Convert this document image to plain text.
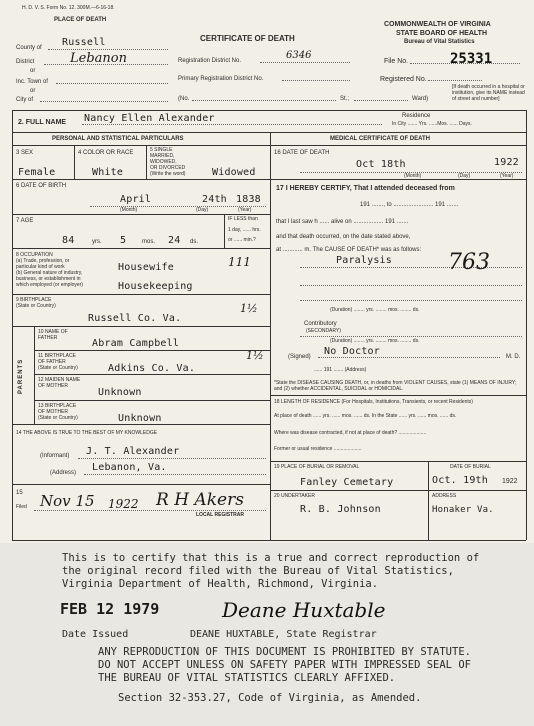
H. D. V. S. Form No. 12. 300M.—6-16-18.
PLACE OF DEATH
County of Russell
District	Lebanon
or
Inc. Town of
or
City of
CERTIFICATE OF DEATH
Registration District No.	6346
Primary Registration District No.
COMMONWEALTH OF VIRGINIA
STATE BOARD OF HEALTH
Bureau of Vital Statistics
File No.	25331
Registered No.
(No.	St.;	Ward)
[If death occurred in a hospital or institution, give its NAME instead of street and number]
2. FULL NAME Nancy Ellen Alexander	Residence
In City ....... Yrs. ......Mos. ...... Days.
PERSONAL AND STATISTICAL PARTICULARS	MEDICAL CERTIFICATE OF DEATH
3 SEX
Female
4 COLOR OR RACE
White
5 SINGLE
MARRIED,
WIDOWED,
OR DIVORCED
(Write the word)	Widowed
6 DATE OF BIRTH
April	24th 1838
(Month)	(Day)	(Year)
7 AGE
84	yrs. 5	mos. 24 ds.
IF LESS than
1 day, ...... hrs.
or ...... min.?
8 OCCUPATION
(a) Trade, profession, or
particular kind of work
(b) General nature of industry,
business, or establishment in
which employed (or employer)
Housewife	111
Housekeeping
9 BIRTHPLACE
(State or Country)
Russell Co. Va.
1½
PARENTS
10 NAME OF
FATHER	Abram Campbell
11 BIRTHPLACE
OF FATHER
(State or Country)	Adkins Co. Va.
1½
12 MAIDEN NAME
OF MOTHER
Unknown
13 BIRTHPLACE
OF MOTHER
(State or Country)	Unknown
14 THE ABOVE IS TRUE TO THE BEST OF MY KNOWLEDGE
(Informant) J. T. Alexander
(Address) Lebanon, Va.
15
Filed Nov 15 1922 R H Akers
LOCAL REGISTRAR
16 DATE OF DEATH
Oct 18th	1922
(Month)	(Day)	(Year)
17 I HEREBY CERTIFY, That I attended deceased from
191 ......., to ........................ 191 .......
that I last saw h ...... alive on .................. 191 .......
and that death occurred, on the date stated above,
at ............ m. The CAUSE OF DEATH* was as follows:
Paralysis	763
(Duration) ........ yrs. ........ mos. ........ ds.
Contributory
(SECONDARY)
(Duration) ........ yrs. ........ mos. ........ ds.
(Signed) No Doctor	M. D.
...... 191 ....... (Address)
*State the DISEASE CAUSING DEATH, or, in deaths from VIOLENT CAUSES, state (1) MEANS OF INJURY; and (2) whether ACCIDENTAL, SUICIDAL or HOMICIDAL.
18 LENGTH OF RESIDENCE (For Hospitals, Institutions, Transients, or recent Residents)
At place of death ...... yrs. ...... mos. ...... ds. In the State ...... yrs. ...... mos. ...... ds.
Where was disease contracted, if not at place of death? ....................
Former or usual residence ....................
19 PLACE OF BURIAL OR REMOVAL
Fanley Cemetary
DATE OF BURIAL
Oct. 19th 1922
20 UNDERTAKER
R. B. Johnson
ADDRESS
Honaker Va.
This is to certify that this is a true and correct reproduction of
the original record filed with the Bureau of Vital Statistics,
Virginia Department of Health, Richmond, Virginia.
FEB 12 1979
Date Issued
Deane Huxtable
DEANE HUXTABLE, State Registrar
ANY REPRODUCTION OF THIS DOCUMENT IS PROHIBITED BY STATUTE.
DO NOT ACCEPT UNLESS ON SAFETY PAPER WITH IMPRESSED SEAL OF
THE BUREAU OF VITAL STATISTICS CLEARLY AFFIXED.
Section 32-353.27, Code of Virginia, as Amended.
